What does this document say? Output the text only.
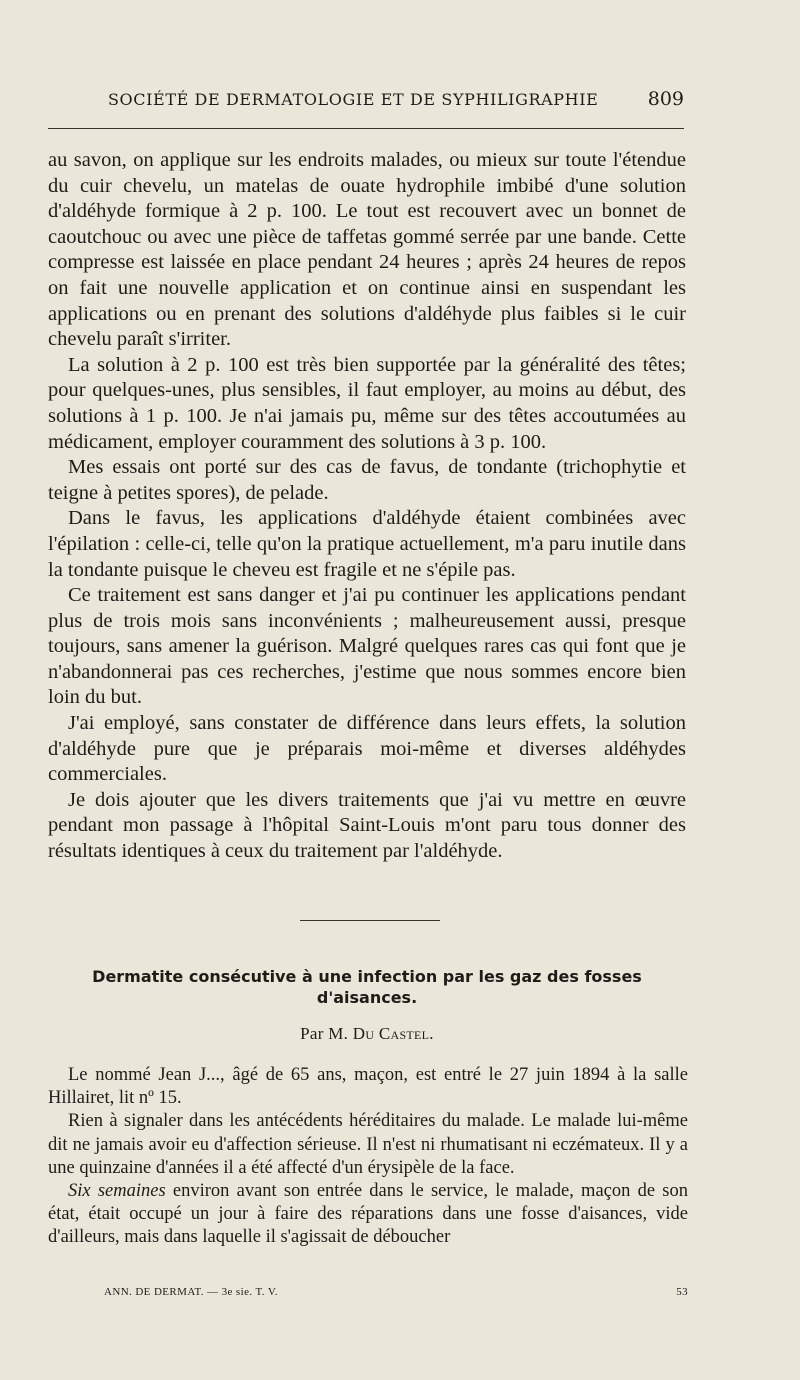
SOCIÉTÉ DE DERMATOLOGIE ET DE SYPHILIGRAPHIE	809

au savon, on applique sur les endroits malades, ou mieux sur toute l'étendue du cuir chevelu, un matelas de ouate hydrophile imbibé d'une solution d'aldéhyde formique à 2 p. 100. Le tout est recouvert avec un bonnet de caoutchouc ou avec une pièce de taffetas gommé serrée par une bande. Cette compresse est laissée en place pendant 24 heures ; après 24 heures de repos on fait une nouvelle application et on continue ainsi en suspendant les applications ou en prenant des solutions d'aldéhyde plus faibles si le cuir chevelu paraît s'irriter.

La solution à 2 p. 100 est très bien supportée par la généralité des têtes; pour quelques-unes, plus sensibles, il faut employer, au moins au début, des solutions à 1 p. 100. Je n'ai jamais pu, même sur des têtes accoutumées au médicament, employer couramment des solutions à 3 p. 100.

Mes essais ont porté sur des cas de favus, de tondante (trichophytie et teigne à petites spores), de pelade.

Dans le favus, les applications d'aldéhyde étaient combinées avec l'épilation : celle-ci, telle qu'on la pratique actuellement, m'a paru inutile dans la tondante puisque le cheveu est fragile et ne s'épile pas.

Ce traitement est sans danger et j'ai pu continuer les applications pendant plus de trois mois sans inconvénients ; malheureusement aussi, presque toujours, sans amener la guérison. Malgré quelques rares cas qui font que je n'abandonnerai pas ces recherches, j'estime que nous sommes encore bien loin du but.

J'ai employé, sans constater de différence dans leurs effets, la solution d'aldéhyde pure que je préparais moi-même et diverses aldéhydes commerciales.

Je dois ajouter que les divers traitements que j'ai vu mettre en œuvre pendant mon passage à l'hôpital Saint-Louis m'ont paru tous donner des résultats identiques à ceux du traitement par l'aldéhyde.

Dermatite consécutive à une infection par les gaz des fosses
d'aisances.
Par M. Du Castel.

Le nommé Jean J..., âgé de 65 ans, maçon, est entré le 27 juin 1894 à la salle Hillairet, lit nº 15.

Rien à signaler dans les antécédents héréditaires du malade. Le malade lui-même dit ne jamais avoir eu d'affection sérieuse. Il n'est ni rhumatisant ni eczémateux. Il y a une quinzaine d'années il a été affecté d'un érysipèle de la face.

Six semaines environ avant son entrée dans le service, le malade, maçon de son état, était occupé un jour à faire des réparations dans une fosse d'aisances, vide d'ailleurs, mais dans laquelle il s'agissait de déboucher

ANN. DE DERMAT. — 3e sie. T. V.	53
